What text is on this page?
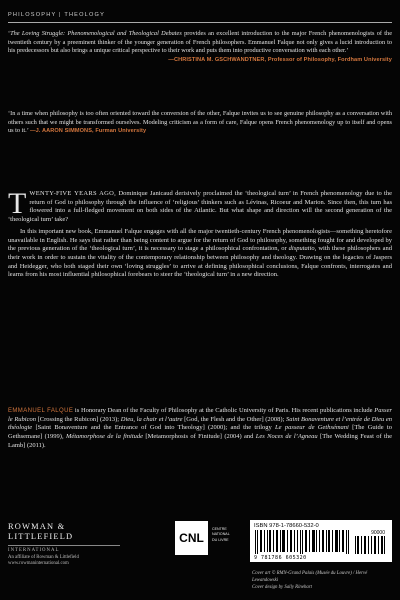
PHILOSOPHY | THEOLOGY
‘The Loving Struggle: Phenomenological and Theological Debates provides an excellent introduction to the major French phenomenologists of the twentieth century by a preeminent thinker of the younger generation of French philosophers. Emmanuel Falque not only gives a lucid introduction to his predecessors but also brings a unique critical perspective to their work and puts them into productive conversation with each other.’
—CHRISTINA M. GSCHWANDTNER, Professor of Philosophy, Fordham University
‘In a time when philosophy is too often oriented toward the conversion of the other, Falque invites us to see genuine philosophy as a conversation with others such that we might be transformed ourselves. Modeling criticism as a form of care, Falque opens French phenomenology up to itself and opens us to it.’ —J. AARON SIMMONS, Furman University

TWENTY-FIVE YEARS AGO, Dominique Janicaud derisively proclaimed the ‘theological turn’ in French phenomenology due to the return of God to philosophy through the influence of ‘religious’ thinkers such as Lévinas, Ricoeur and Marion. Since then, this turn has flowered into a full-fledged movement on both sides of the Atlantic. But what shape and direction will the second generation of the ‘theological turn’ take?

In this important new book, Emmanuel Falque engages with all the major twentieth-century French phenomenologists—something heretofore unavailable in English. He says that rather than being content to argue for the return of God to philosophy, something fought for and developed by the previous generation of the ‘theological turn’, it is necessary to stage a philosophical confrontation, or disputatio, with these philosophers and their work in order to sustain the vitality of the contemporary relationship between philosophy and theology. Drawing on the legacies of Jaspers and Heidegger, who both staged their own ‘loving struggles’ to arrive at defining philosophical conclusions, Falque confronts, interrogates and learns from his most influential philosophical forebears to steer the ‘theological turn’ in a new direction.

EMMANUEL FALQUE is Honorary Dean of the Faculty of Philosophy at the Catholic University of Paris. His recent publications include Passer le Rubicon [Crossing the Rubicon] (2013); Dieu, la chair et l’autre [God, the Flesh and the Other] (2008); Saint Bonaventure et l’entrée de Dieu en théologie [Saint Bonaventure and the Entrance of God into Theology] (2000); and the trilogy Le passeur de Gethsémani [The Guide to Gethsemane] (1999), Métamorphose de la finitude [Metamorphosis of Finitude] (2004) and Les Noces de l’Agneau [The Wedding Feast of the Lamb] (2011).

ROWMAN &
LITTLEFIELD
INTERNATIONAL
An affiliate of Rowman & Littlefield
www.rowmaninternational.com
CNL
CENTRE
NATIONAL
DU LIVRE
ISBN 978-1-78660-532-0
90000
9 781786 605320
Cover art © RMN-Grand Palais (Musée du Louvre) / Hervé Lewandowski
Cover design by Sally Rinehart
